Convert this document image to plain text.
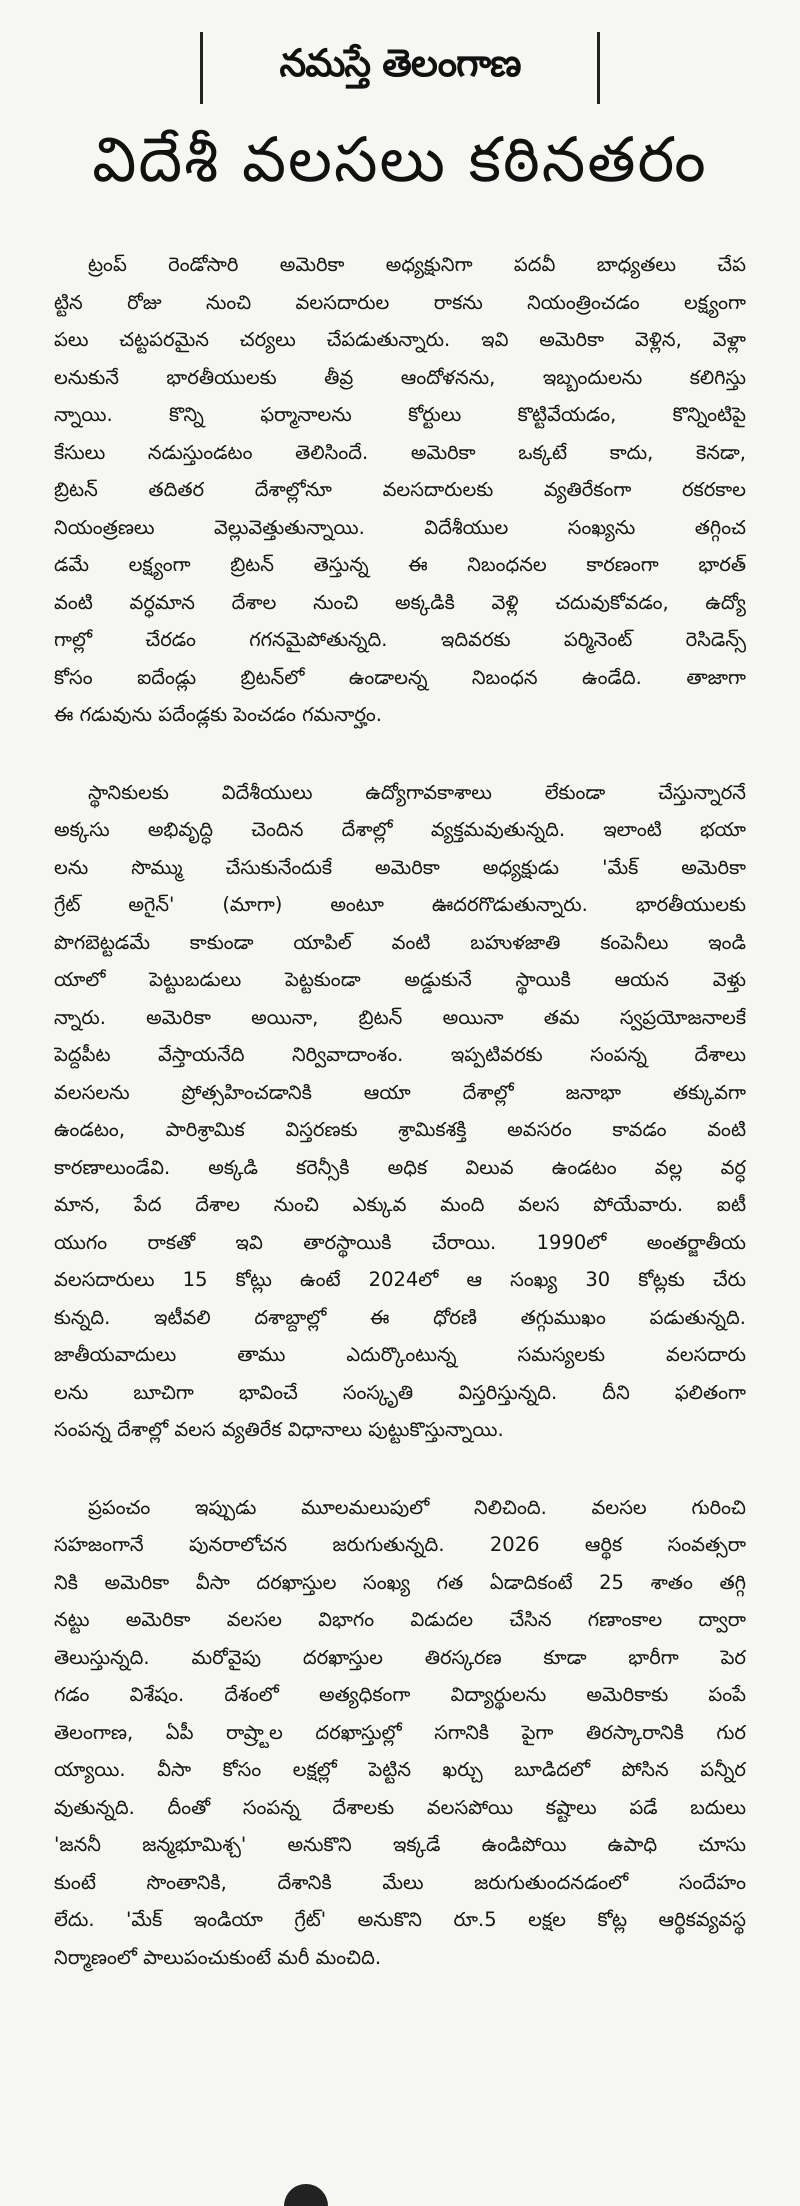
నమస్తే తెలంగాణ
విదేశీ వలసలు కఠినతరం
ట్రంప్ రెండోసారి అమెరికా అధ్యక్షునిగా పదవీ బాధ్యతలు చేప
ట్టిన రోజు నుంచి వలసదారుల రాకను నియంత్రించడం లక్ష్యంగా
పలు చట్టపరమైన చర్యలు చేపడుతున్నారు. ఇవి అమెరికా వెళ్లిన, వెళ్లా
లనుకునే భారతీయులకు తీవ్ర ఆందోళనను, ఇబ్బందులను కలిగిస్తు
న్నాయి. కొన్ని ఫర్మానాలను కోర్టులు కొట్టివేయడం, కొన్నింటిపై
కేసులు నడుస్తుండటం తెలిసిందే. అమెరికా ఒక్కటే కాదు, కెనడా,
బ్రిటన్ తదితర దేశాల్లోనూ వలసదారులకు వ్యతిరేకంగా రకరకాల
నియంత్రణలు వెల్లువెత్తుతున్నాయి. విదేశీయుల సంఖ్యను తగ్గించ
డమే లక్ష్యంగా బ్రిటన్ తెస్తున్న ఈ నిబంధనల కారణంగా భారత్
వంటి వర్ధమాన దేశాల నుంచి అక్కడికి వెళ్లి చదువుకోవడం, ఉద్యో
గాల్లో చేరడం గగనమైపోతున్నది. ఇదివరకు పర్మినెంట్ రెసిడెన్స్
కోసం ఐదేండ్లు బ్రిటన్‌లో ఉండాలన్న నిబంధన ఉండేది. తాజాగా
ఈ గడువును పదేండ్లకు పెంచడం గమనార్హం.
స్థానికులకు విదేశీయులు ఉద్యోగావకాశాలు లేకుండా చేస్తున్నారనే
అక్కసు అభివృద్ధి చెందిన దేశాల్లో వ్యక్తమవుతున్నది. ఇలాంటి భయా
లను సొమ్ము చేసుకునేందుకే అమెరికా అధ్యక్షుడు 'మేక్ అమెరికా
గ్రేట్ అగైన్' (మాగా) అంటూ ఊదరగొడుతున్నారు. భారతీయులకు
పొగబెట్టడమే కాకుండా యాపిల్ వంటి బహుళజాతి కంపెనీలు ఇండి
యాలో పెట్టుబడులు పెట్టకుండా అడ్డుకునే స్థాయికి ఆయన వెళ్తు
న్నారు. అమెరికా అయినా, బ్రిటన్ అయినా తమ స్వప్రయోజనాలకే
పెద్దపీట వేస్తాయనేది నిర్వివాదాంశం. ఇప్పటివరకు సంపన్న దేశాలు
వలసలను ప్రోత్సహించడానికి ఆయా దేశాల్లో జనాభా తక్కువగా
ఉండటం, పారిశ్రామిక విస్తరణకు శ్రామికశక్తి అవసరం కావడం వంటి
కారణాలుండేవి. అక్కడి కరెన్సీకి అధిక విలువ ఉండటం వల్ల వర్ధ
మాన, పేద దేశాల నుంచి ఎక్కువ మంది వలస పోయేవారు. ఐటీ
యుగం రాకతో ఇవి తారస్థాయికి చేరాయి. 1990లో అంతర్జాతీయ
వలసదారులు 15 కోట్లు ఉంటే 2024లో ఆ సంఖ్య 30 కోట్లకు చేరు
కున్నది. ఇటీవలి దశాబ్దాల్లో ఈ ధోరణి తగ్గుముఖం పడుతున్నది.
జాతీయవాదులు తాము ఎదుర్కొంటున్న సమస్యలకు వలసదారు
లను బూచిగా భావించే సంస్కృతి విస్తరిస్తున్నది. దీని ఫలితంగా
సంపన్న దేశాల్లో వలస వ్యతిరేక విధానాలు పుట్టుకొస్తున్నాయి.
ప్రపంచం ఇప్పుడు మూలమలుపులో నిలిచింది. వలసల గురించి
సహజంగానే పునరాలోచన జరుగుతున్నది. 2026 ఆర్థిక సంవత్సరా
నికి అమెరికా వీసా దరఖాస్తుల సంఖ్య గత ఏడాదికంటే 25 శాతం తగ్గి
నట్టు అమెరికా వలసల విభాగం విడుదల చేసిన గణాంకాల ద్వారా
తెలుస్తున్నది. మరోవైపు దరఖాస్తుల తిరస్కరణ కూడా భారీగా పెర
గడం విశేషం. దేశంలో అత్యధికంగా విద్యార్థులను అమెరికాకు పంపే
తెలంగాణ, ఏపీ రాష్ర్టాల దరఖాస్తుల్లో సగానికి పైగా తిరస్కారానికి గుర
య్యాయి. వీసా కోసం లక్షల్లో పెట్టిన ఖర్చు బూడిదలో పోసిన పన్నీర
వుతున్నది. దీంతో సంపన్న దేశాలకు వలసపోయి కష్టాలు పడే బదులు
'జననీ జన్మభూమిశ్చ' అనుకొని ఇక్కడే ఉండిపోయి ఉపాధి చూసు
కుంటే సొంతానికి, దేశానికి మేలు జరుగుతుందనడంలో సందేహం
లేదు. 'మేక్ ఇండియా గ్రేట్' అనుకొని రూ.5 లక్షల కోట్ల ఆర్థికవ్యవస్థ
నిర్మాణంలో పాలుపంచుకుంటే మరీ మంచిది.
